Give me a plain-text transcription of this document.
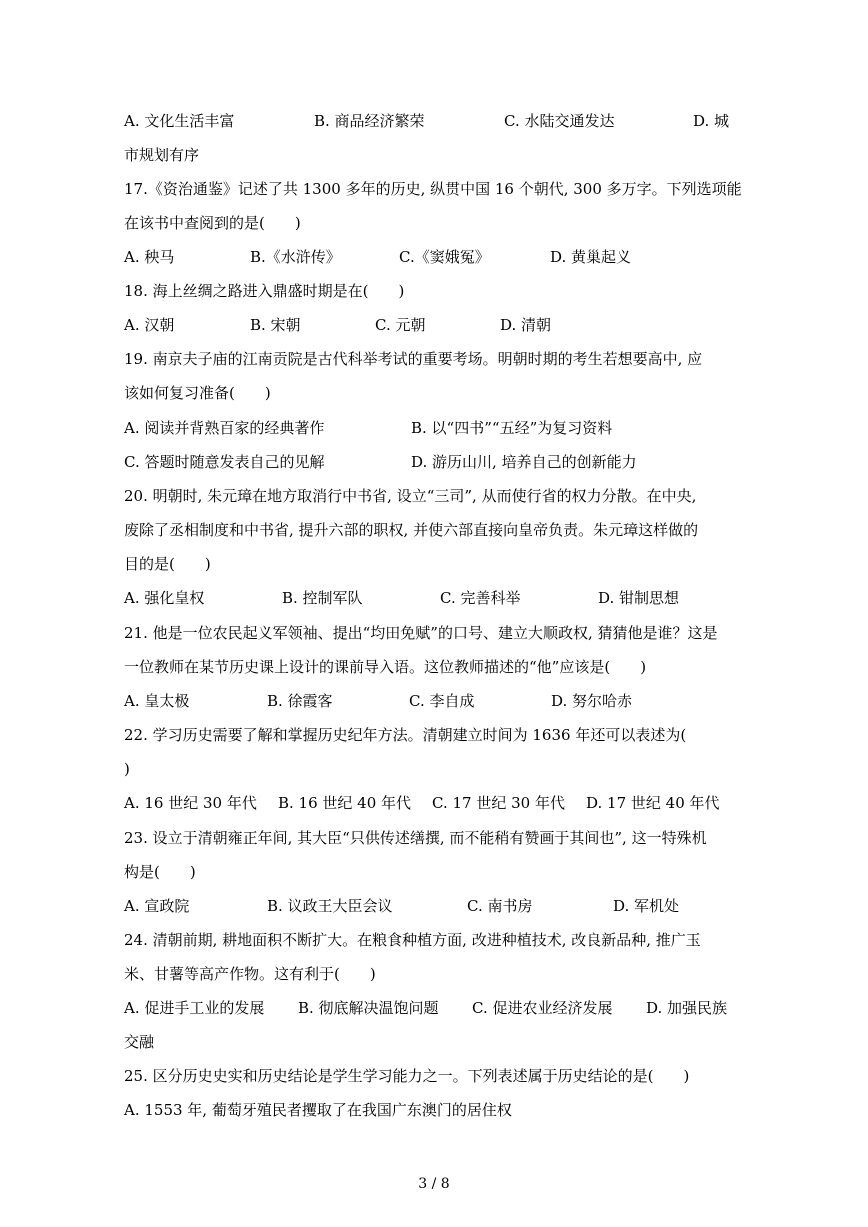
A. 文化生活丰富	B. 商品经济繁荣	C. 水陆交通发达	D. 城
市规划有序
17.《资治通鉴》记述了共 1300 多年的历史, 纵贯中国 16 个朝代, 300 多万字。下列选项能
在该书中查阅到的是(　　)
A. 秧马	B.《水浒传》	C.《窦娥冤》	D. 黄巢起义
18. 海上丝绸之路进入鼎盛时期是在(　　)
A. 汉朝	B. 宋朝	C. 元朝	D. 清朝
19. 南京夫子庙的江南贡院是古代科举考试的重要考场。明朝时期的考生若想要高中, 应
该如何复习准备(　　)
A. 阅读并背熟百家的经典著作	B. 以“四书”“五经”为复习资料
C. 答题时随意发表自己的见解	D. 游历山川, 培养自己的创新能力
20. 明朝时, 朱元璋在地方取消行中书省, 设立“三司”, 从而使行省的权力分散。在中央,
废除了丞相制度和中书省, 提升六部的职权, 并使六部直接向皇帝负责。朱元璋这样做的
目的是(　　)
A. 强化皇权	B. 控制军队	C. 完善科举	D. 钳制思想
21. 他是一位农民起义军领袖、提出“均田免赋”的口号、建立大顺政权, 猜猜他是谁？这是
一位教师在某节历史课上设计的课前导入语。这位教师描述的“他”应该是(　　)
A. 皇太极	B. 徐霞客	C. 李自成	D. 努尔哈赤
22. 学习历史需要了解和掌握历史纪年方法。清朝建立时间为 1636 年还可以表述为(
)
A. 16 世纪 30 年代 B. 16 世纪 40 年代 C. 17 世纪 30 年代 D. 17 世纪 40 年代
23. 设立于清朝雍正年间, 其大臣“只供传述缮撰, 而不能稍有赞画于其间也”, 这一特殊机
构是(　　)
A. 宣政院	B. 议政王大臣会议	C. 南书房	D. 军机处
24. 清朝前期, 耕地面积不断扩大。在粮食种植方面, 改进种植技术, 改良新品种, 推广玉
米、甘薯等高产作物。这有利于(　　)
A. 促进手工业的发展 B. 彻底解决温饱问题 C. 促进农业经济发展 D. 加强民族
交融
25. 区分历史史实和历史结论是学生学习能力之一。下列表述属于历史结论的是(　　)
A. 1553 年, 葡萄牙殖民者攫取了在我国广东澳门的居住权
3 / 8
